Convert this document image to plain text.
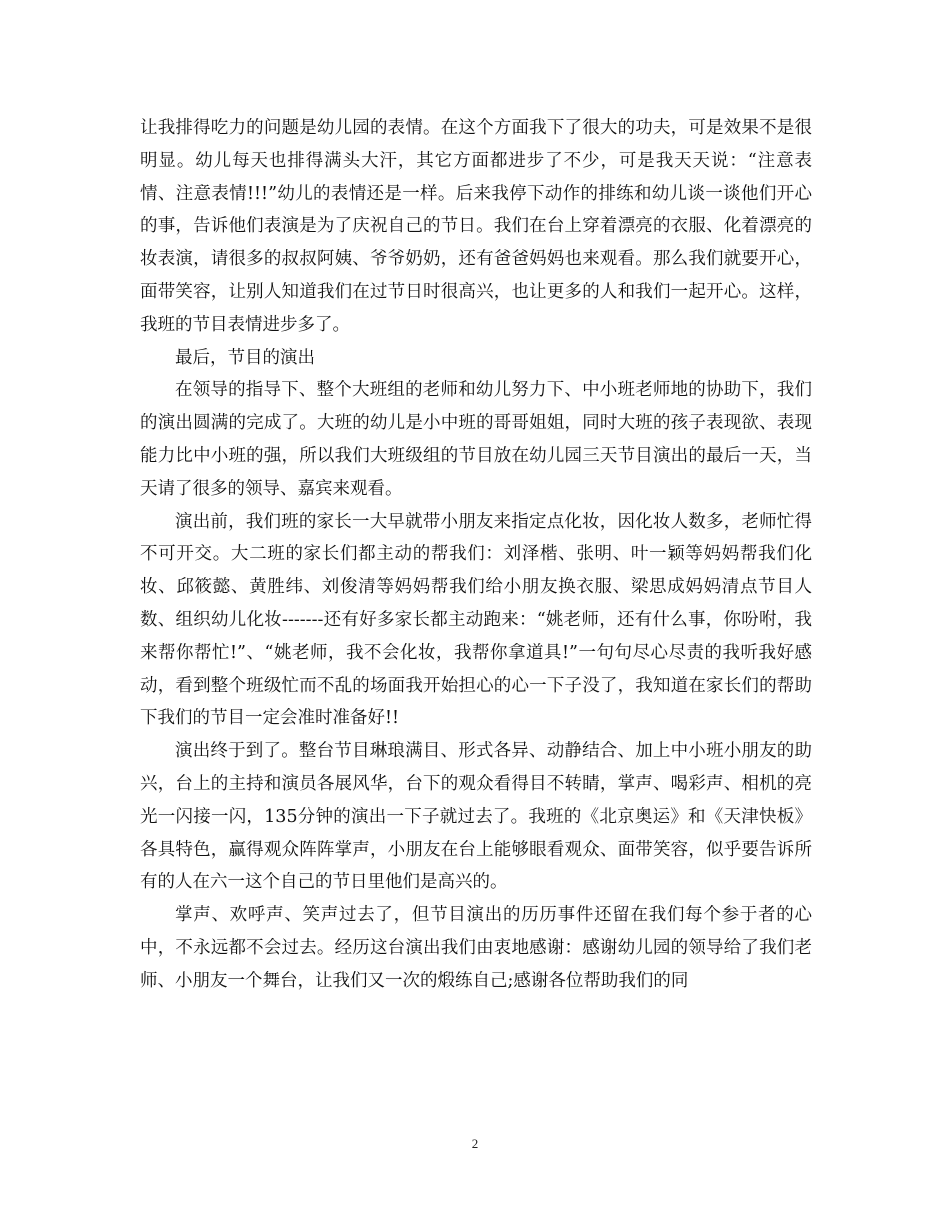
让我排得吃力的问题是幼儿园的表情。在这个方面我下了很大的功夫，可是效果不是很明显。幼儿每天也排得满头大汗，其它方面都进步了不少，可是我天天说：“注意表情、注意表情!!!”幼儿的表情还是一样。后来我停下动作的排练和幼儿谈一谈他们开心的事，告诉他们表演是为了庆祝自己的节日。我们在台上穿着漂亮的衣服、化着漂亮的妆表演，请很多的叔叔阿姨、爷爷奶奶，还有爸爸妈妈也来观看。那么我们就要开心，面带笑容，让别人知道我们在过节日时很高兴，也让更多的人和我们一起开心。这样，我班的节目表情进步多了。

最后，节目的演出

在领导的指导下、整个大班组的老师和幼儿努力下、中小班老师地的协助下，我们的演出圆满的完成了。大班的幼儿是小中班的哥哥姐姐，同时大班的孩子表现欲、表现能力比中小班的强，所以我们大班级组的节目放在幼儿园三天节目演出的最后一天，当天请了很多的领导、嘉宾来观看。

演出前，我们班的家长一大早就带小朋友来指定点化妆，因化妆人数多，老师忙得不可开交。大二班的家长们都主动的帮我们：刘泽楷、张明、叶一颖等妈妈帮我们化妆、邱筱懿、黄胜纬、刘俊清等妈妈帮我们给小朋友换衣服、梁思成妈妈清点节目人数、组织幼儿化妆-------还有好多家长都主动跑来：“姚老师，还有什么事，你吩咐，我来帮你帮忙!”、“姚老师，我不会化妆，我帮你拿道具!”一句句尽心尽责的我听我好感动，看到整个班级忙而不乱的场面我开始担心的心一下子没了，我知道在家长们的帮助下我们的节目一定会准时准备好!!

演出终于到了。整台节目琳琅满目、形式各异、动静结合、加上中小班小朋友的助兴，台上的主持和演员各展风华，台下的观众看得目不转睛，掌声、喝彩声、相机的亮光一闪接一闪，135分钟的演出一下子就过去了。我班的《北京奥运》和《天津快板》各具特色，赢得观众阵阵掌声，小朋友在台上能够眼看观众、面带笑容，似乎要告诉所有的人在六一这个自己的节日里他们是高兴的。

掌声、欢呼声、笑声过去了，但节目演出的历历事件还留在我们每个参于者的心中，不永远都不会过去。经历这台演出我们由衷地感谢：感谢幼儿园的领导给了我们老师、小朋友一个舞台，让我们又一次的煅练自己;感谢各位帮助我们的同

2
